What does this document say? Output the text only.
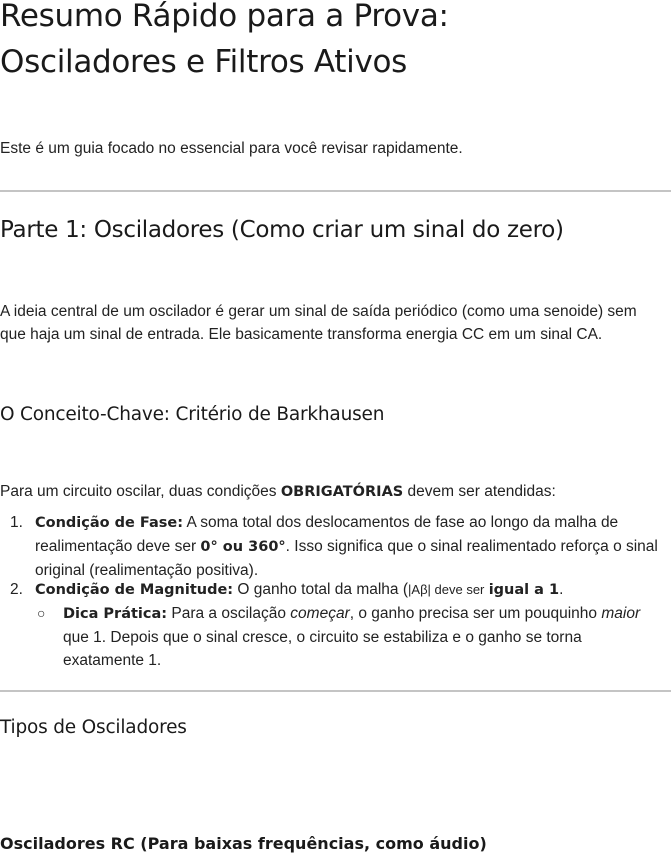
Resumo Rápido para a Prova:
Osciladores e Filtros Ativos
Este é um guia focado no essencial para você revisar rapidamente.
Parte 1: Osciladores (Como criar um sinal do zero)
A ideia central de um oscilador é gerar um sinal de saída periódico (como uma senoide) sem
que haja um sinal de entrada. Ele basicamente transforma energia CC em um sinal CA.
O Conceito-Chave: Critério de Barkhausen
Para um circuito oscilar, duas condições OBRIGATÓRIAS devem ser atendidas:
1. Condição de Fase: A soma total dos deslocamentos de fase ao longo da malha de
realimentação deve ser 0° ou 360°. Isso significa que o sinal realimentado reforça o sinal
original (realimentação positiva).
2. Condição de Magnitude: O ganho total da malha (|Aβ| deve ser igual a 1.
○ Dica Prática: Para a oscilação começar, o ganho precisa ser um pouquinho maior
que 1. Depois que o sinal cresce, o circuito se estabiliza e o ganho se torna
exatamente 1.
Tipos de Osciladores
Osciladores RC (Para baixas frequências, como áudio)
